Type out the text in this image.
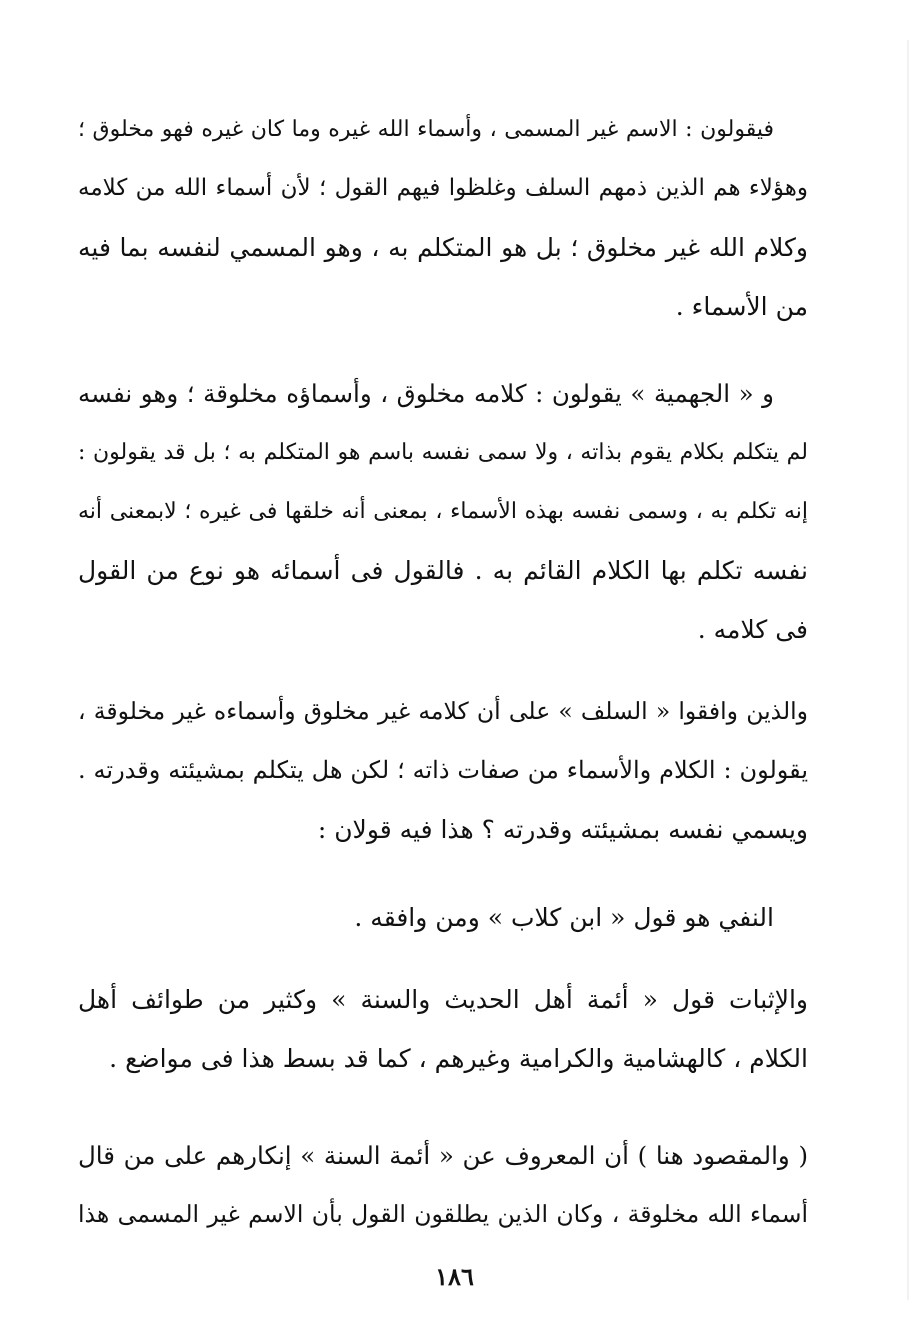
فيقولون : الاسم غير المسمى ، وأسماء الله غيره وما كان غيره فهو مخلوق ؛
وهؤلاء هم الذين ذمهم السلف وغلظوا فيهم القول ؛ لأن أسماء الله من كلامه
وكلام الله غير مخلوق ؛ بل هو المتكلم به ، وهو المسمي لنفسه بما فيه
من الأسماء .
و « الجهمية » يقولون : كلامه مخلوق ، وأسماؤه مخلوقة ؛ وهو نفسه
لم يتكلم بكلام يقوم بذاته ، ولا سمى نفسه باسم هو المتكلم به ؛ بل قد يقولون :
إنه تكلم به ، وسمى نفسه بهذه الأسماء ، بمعنى أنه خلقها فى غيره ؛ لابمعنى أنه
نفسه تكلم بها الكلام القائم به . فالقول فى أسمائه هو نوع من القول
فى كلامه .
والذين وافقوا « السلف » على أن كلامه غير مخلوق وأسماءه غير مخلوقة ،
يقولون : الكلام والأسماء من صفات ذاته ؛ لكن هل يتكلم بمشيئته وقدرته .
ويسمي نفسه بمشيئته وقدرته ؟ هذا فيه قولان :
النفي هو قول « ابن كلاب » ومن وافقه .
والإثبات قول « أئمة أهل الحديث والسنة » وكثير من طوائف أهل
الكلام ، كالهشامية والكرامية وغيرهم ، كما قد بسط هذا فى مواضع .
( والمقصود هنا ) أن المعروف عن « أئمة السنة » إنكارهم على من قال
أسماء الله مخلوقة ، وكان الذين يطلقون القول بأن الاسم غير المسمى هذا
١٨٦
